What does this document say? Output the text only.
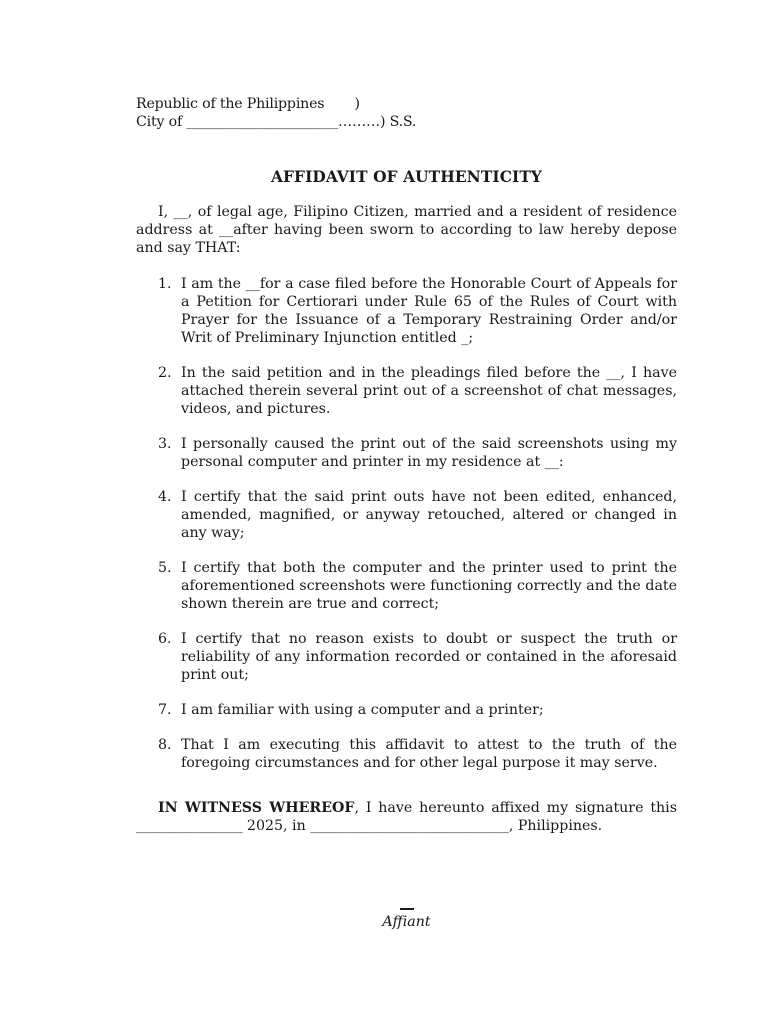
Republic of the Philippines       )
City of ______________________………) S.S.
AFFIDAVIT OF AUTHENTICITY
I, __, of legal age, Filipino Citizen, married and a resident of residence address at __after having been sworn to according to law hereby depose and say THAT:
1. I am the __for a case filed before the Honorable Court of Appeals for a Petition for Certiorari under Rule 65 of the Rules of Court with Prayer for the Issuance of a Temporary Restraining Order and/or Writ of Preliminary Injunction entitled _;
2. In the said petition and in the pleadings filed before the __, I have attached therein several print out of a screenshot of chat messages, videos, and pictures.
3. I personally caused the print out of the said screenshots using my personal computer and printer in my residence at __:
4. I certify that the said print outs have not been edited, enhanced, amended, magnified, or anyway retouched, altered or changed in any way;
5. I certify that both the computer and the printer used to print the aforementioned screenshots were functioning correctly and the date shown therein are true and correct;
6. I certify that no reason exists to doubt or suspect the truth or reliability of any information recorded or contained in the aforesaid print out;
7. I am familiar with using a computer and a printer;
8. That I am executing this affidavit to attest to the truth of the foregoing circumstances and for other legal purpose it may serve.
IN WITNESS WHEREOF, I have hereunto affixed my signature this _______________ 2025, in ____________________________, Philippines.
Affiant
